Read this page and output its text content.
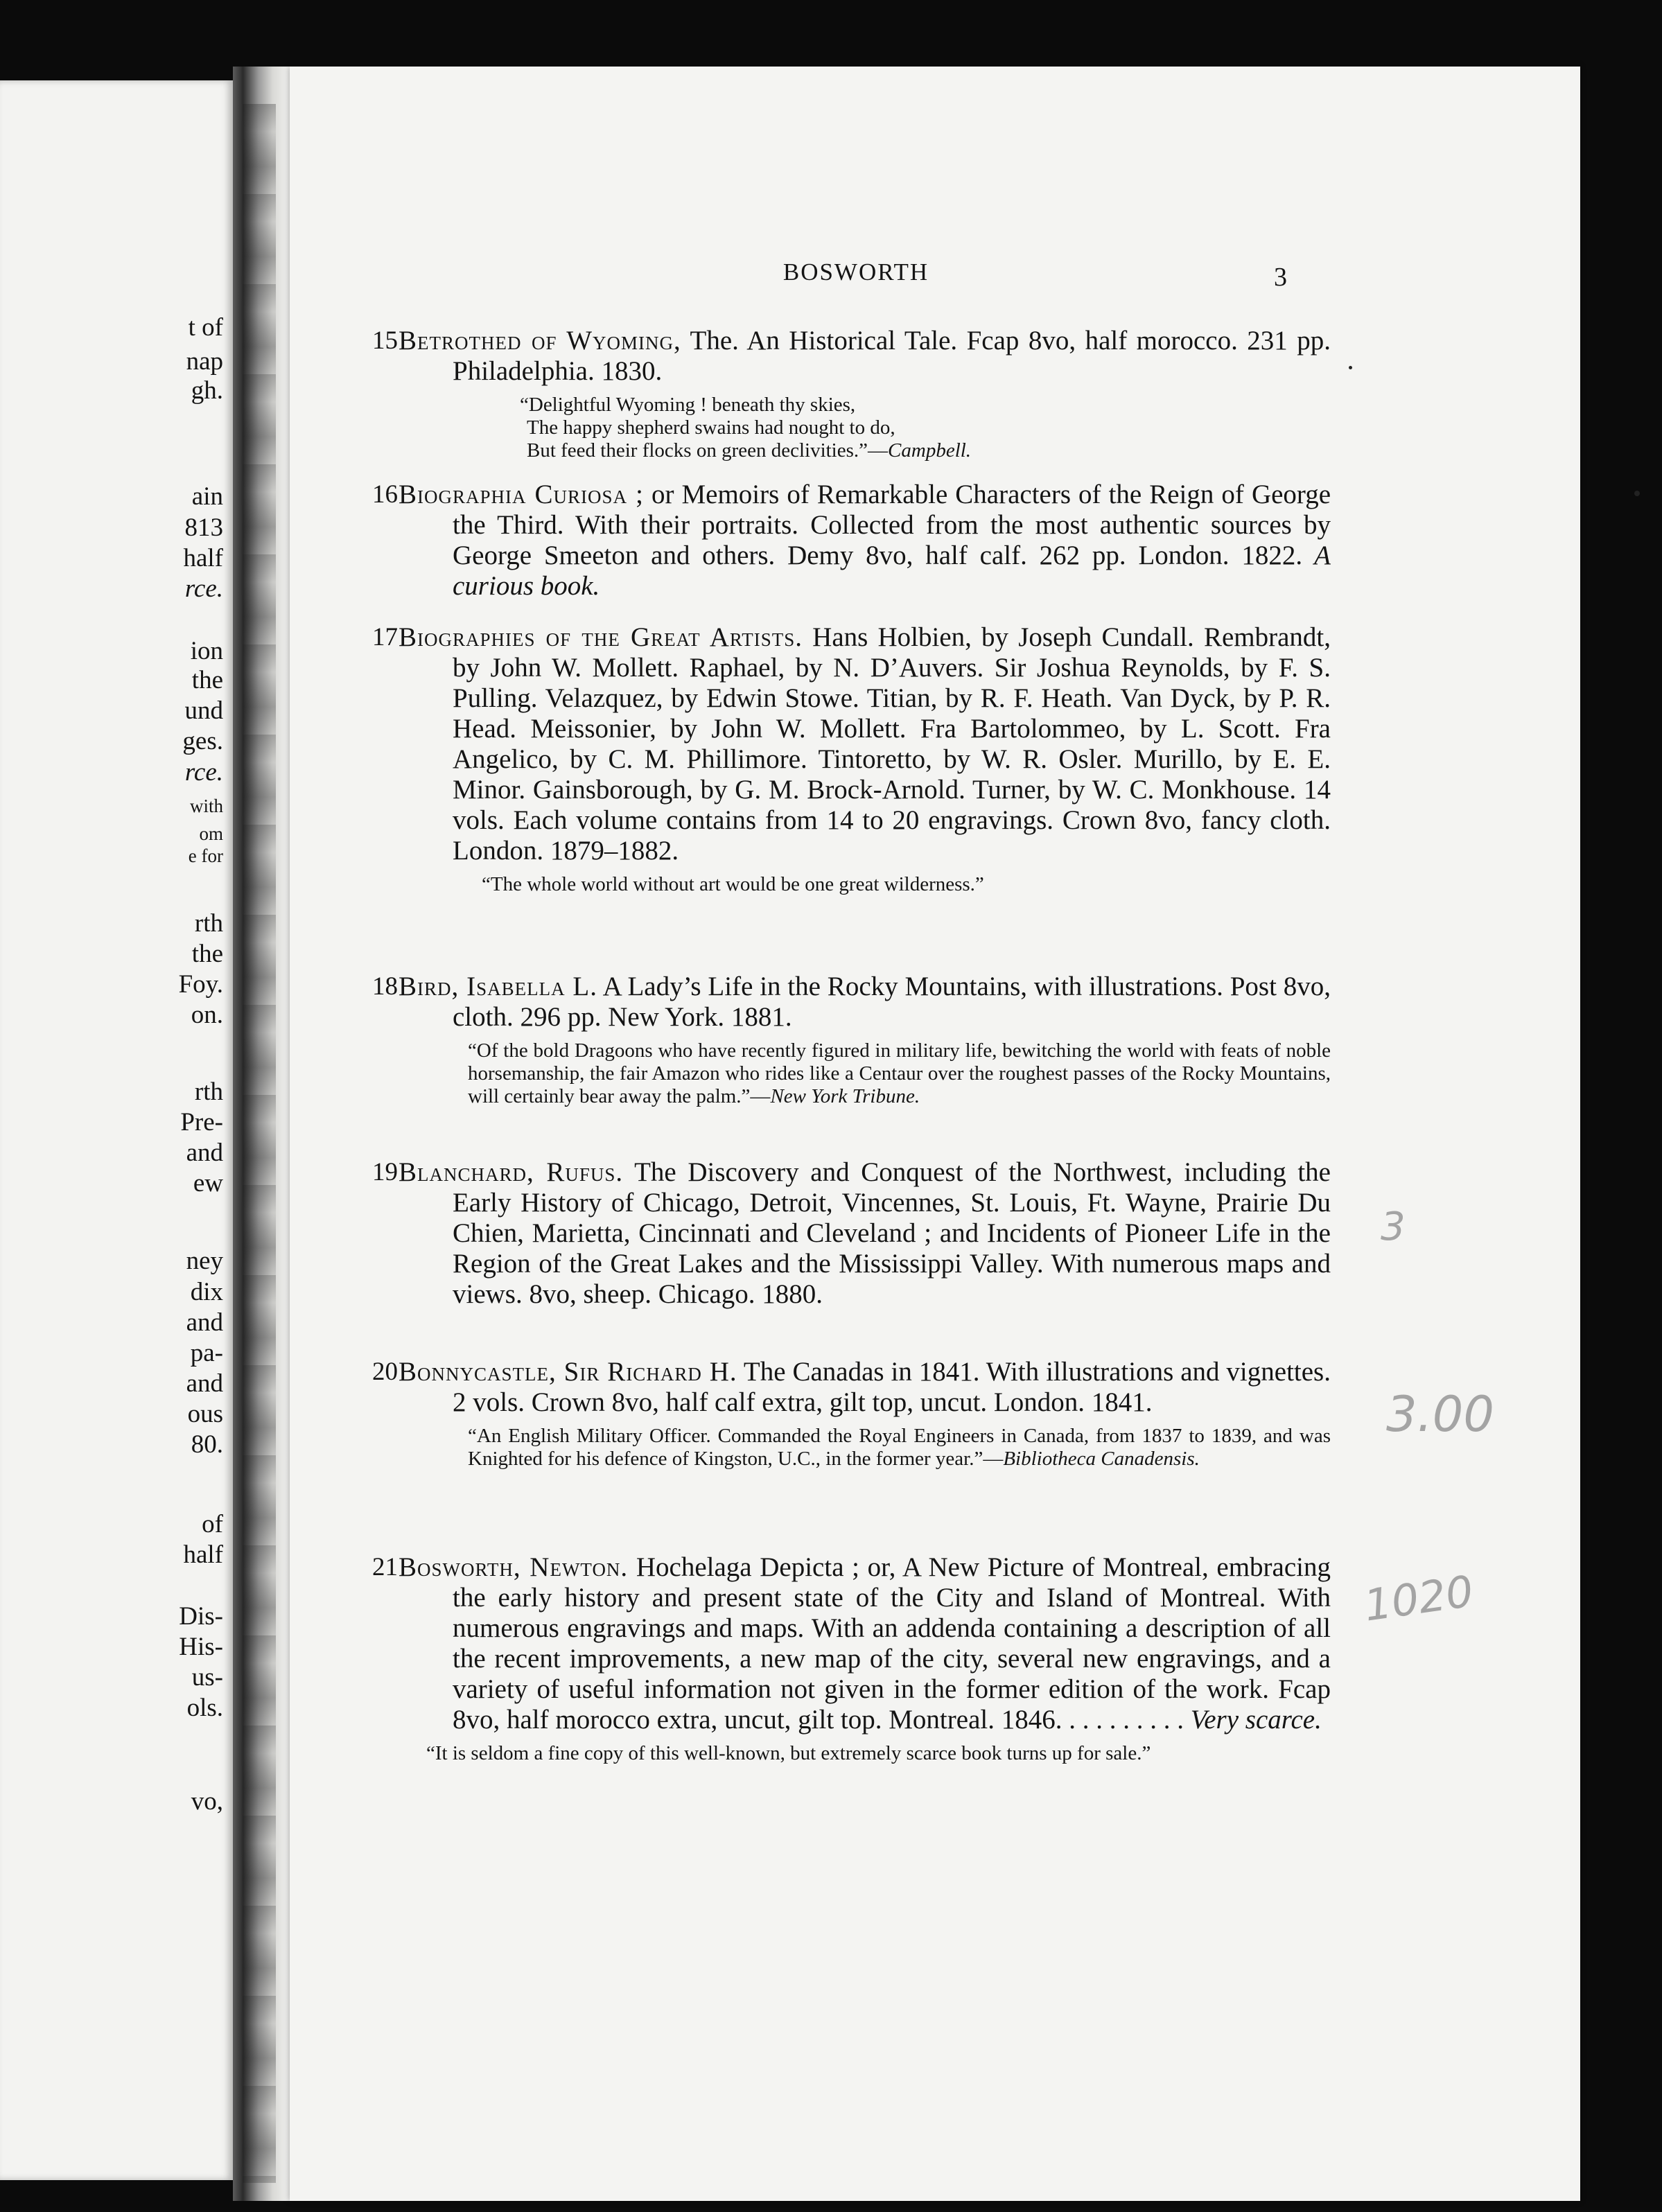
t of
nap
gh.
ain
813
half
rce.
ion
the
und
ges.
rce.
with
om
e for
rth
the
Foy.
on.
rth
Pre-
and
ew
ney
dix
and
pa-
and
ous
80.
of
half
Dis-
His-
us-
ols.
vo,
BOSWORTH	3
15 Betrothed of Wyoming, The. An Historical Tale. Fcap 8vo, half morocco. 231 pp. Philadelphia. 1830.
“Delightful Wyoming ! beneath thy skies,
The happy shepherd swains had nought to do,
But feed their flocks on green declivities.”—Campbell.
16 Biographia Curiosa ; or Memoirs of Remarkable Characters of the Reign of George the Third. With their portraits. Collected from the most authentic sources by George Smeeton and others. Demy 8vo, half calf. 262 pp. London. 1822. A curious book.
17 Biographies of the Great Artists. Hans Holbien, by Joseph Cundall. Rembrandt, by John W. Mollett. Raphael, by N. D’Auvers. Sir Joshua Reynolds, by F. S. Pulling. Velazquez, by Edwin Stowe. Titian, by R. F. Heath. Van Dyck, by P. R. Head. Meissonier, by John W. Mollett. Fra Bartolommeo, by L. Scott. Fra Angelico, by C. M. Phillimore. Tintoretto, by W. R. Osler. Murillo, by E. E. Minor. Gainsborough, by G. M. Brock-Arnold. Turner, by W. C. Monkhouse. 14 vols. Each volume contains from 14 to 20 engravings. Crown 8vo, fancy cloth. London. 1879–1882.
“The whole world without art would be one great wilderness.”
18 Bird, Isabella L. A Lady’s Life in the Rocky Mountains, with illustrations. Post 8vo, cloth. 296 pp. New York. 1881.
“Of the bold Dragoons who have recently figured in military life, bewitching the world with feats of noble horsemanship, the fair Amazon who rides like a Centaur over the roughest passes of the Rocky Mountains, will certainly bear away the palm.”—New York Tribune.
19 Blanchard, Rufus. The Discovery and Conquest of the Northwest, including the Early History of Chicago, Detroit, Vincennes, St. Louis, Ft. Wayne, Prairie Du Chien, Marietta, Cincinnati and Cleveland ; and Incidents of Pioneer Life in the Region of the Great Lakes and the Mississippi Valley. With numerous maps and views. 8vo, sheep. Chicago. 1880.
20 Bonnycastle, Sir Richard H. The Canadas in 1841. With illustrations and vignettes. 2 vols. Crown 8vo, half calf extra, gilt top, uncut. London. 1841.
“An English Military Officer. Commanded the Royal Engineers in Canada, from 1837 to 1839, and was Knighted for his defence of Kingston, U.C., in the former year.”—Bibliotheca Canadensis.
21 Bosworth, Newton. Hochelaga Depicta ; or, A New Picture of Montreal, embracing the early history and present state of the City and Island of Montreal. With numerous engravings and maps. With an addenda containing a description of all the recent improvements, a new map of the city, several new engravings, and a variety of useful information not given in the former edition of the work. Fcap 8vo, half morocco extra, uncut, gilt top. Montreal. 1846. . . . . . . . . . Very scarce.
“It is seldom a fine copy of this well-known, but extremely scarce book turns up for sale.”
3
3.00
1020
